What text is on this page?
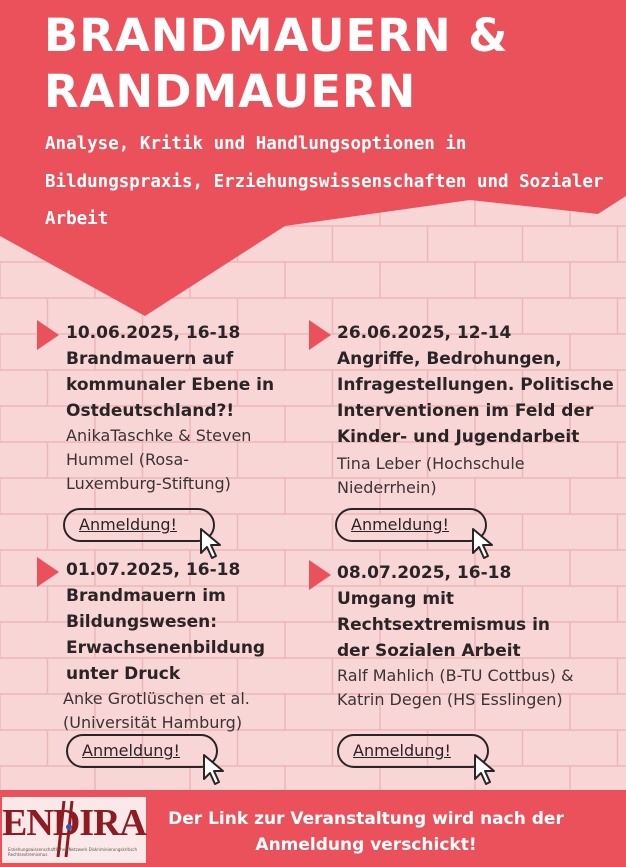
BRANDMAUERN &
RANDMAUERN
Analyse, Kritik und Handlungsoptionen in Bildungspraxis, Erziehungswissenschaften und Sozialer Arbeit
10.06.2025, 16-18
Brandmauern auf kommunaler Ebene in Ostdeutschland?!
AnikaTaschke & Steven Hummel (Rosa-Luxemburg-Stiftung)
Anmeldung!
26.06.2025, 12-14
Angriffe, Bedrohungen, Infragestellungen. Politische Interventionen im Feld der Kinder- und Jugendarbeit
Tina Leber (Hochschule Niederrhein)
Anmeldung!
01.07.2025, 16-18
Brandmauern im Bildungswesen: Erwachsenenbildung unter Druck
Anke Grotlüschen et al. (Universität Hamburg)
Anmeldung!
08.07.2025, 16-18
Umgang mit Rechtsextremismus in der Sozialen Arbeit
Ralf Mahlich (B-TU Cottbus) & Katrin Degen (HS Esslingen)
Anmeldung!
ENDIRA
Erziehungswissenschaftliches Netzwerk Diskriminierungskritisch Rechtsextremismus
Der Link zur Veranstaltung wird nach der Anmeldung verschickt!
